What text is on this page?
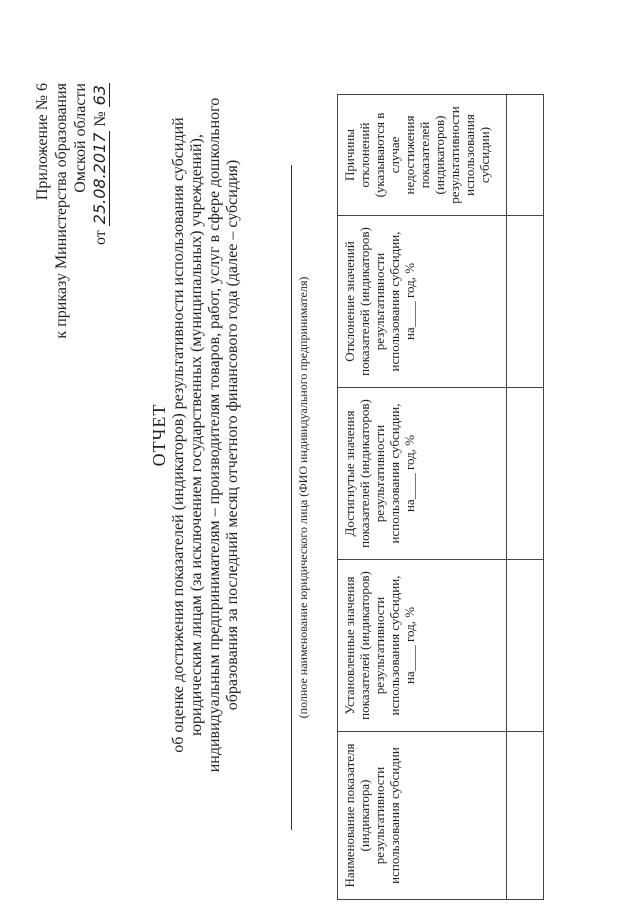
Приложение № 6 к приказу Министерства образования Омской области
от 25.08.2017 № 63
ОТЧЕТ об оценке достижения показателей (индикаторов) результативности использования субсидий юридическим лицам (за исключением государственных (муниципальных) учреждений), индивидуальным предпринимателям – производителям товаров, работ, услуг в сфере дошкольного образования за последний месяц отчетного финансового года (далее – субсидия)	(полное наименование юридического лица (ФИО индивидуального предпринимателя)
Наименование показателя (индикатора) результативности использования субсидии	Установленные значения показателей (индикаторов) результативности использования субсидии, на____ год, %	Достигнутые значения показателей (индикаторов) результативности использования субсидии, на____ год, %	Отклонение значений показателей (индикаторов) результативности использования субсидии, на____ год, %	Причины отклонений (указываются в случае недостижения показателей (индикаторов) результативности использования субсидии)
